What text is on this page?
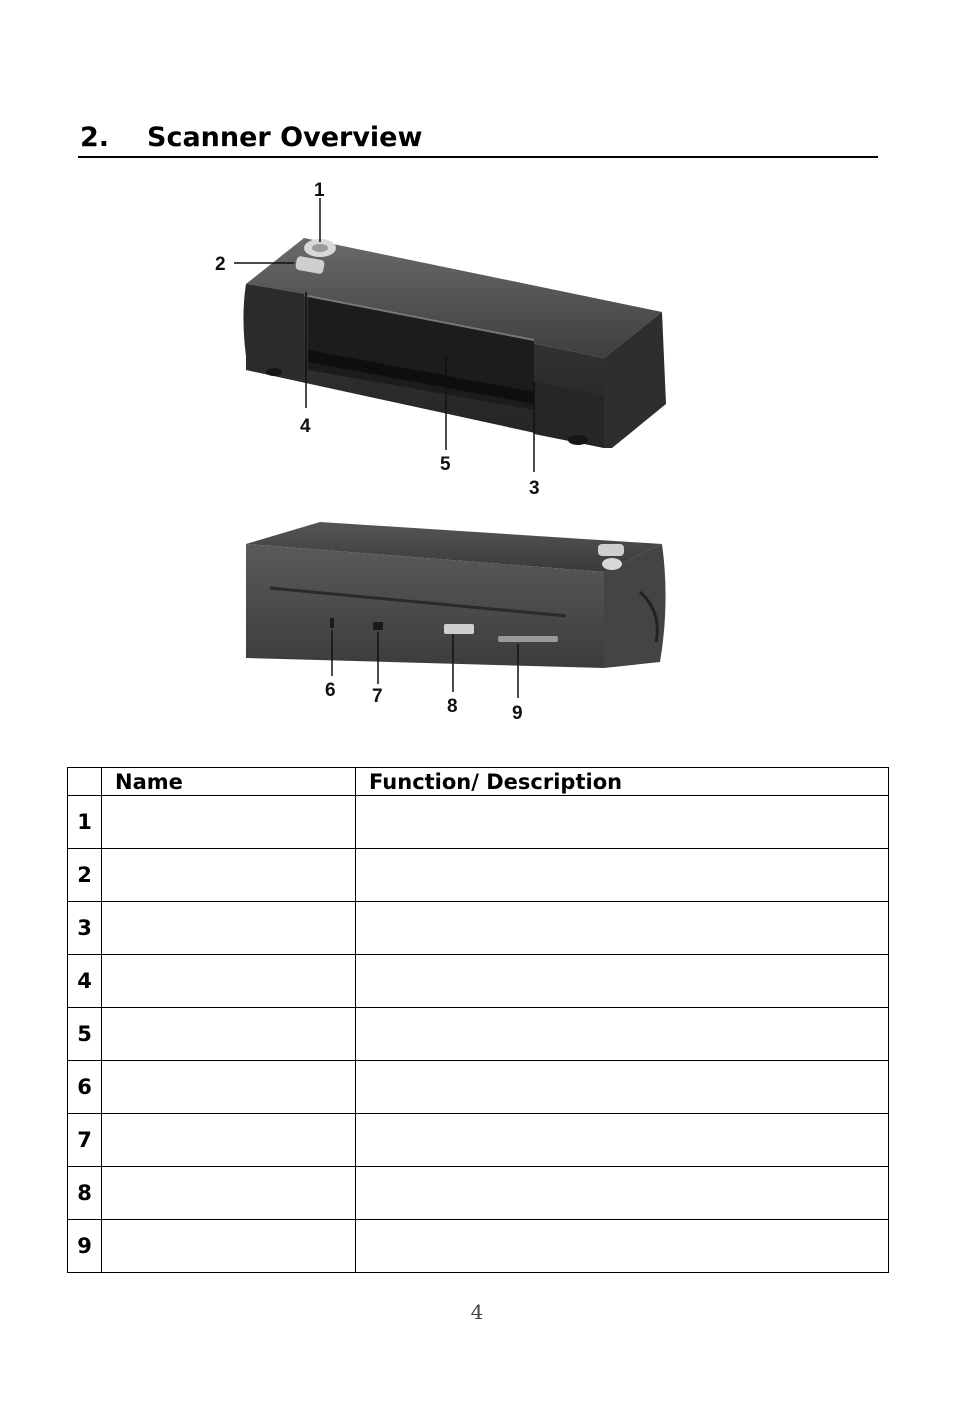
2. Scanner Overview
1
2
3
4
5
6 7	8	9
	Name	Function/ Description
1		
2		
3		
4		
5		
6		
7		
8		
9		
4
